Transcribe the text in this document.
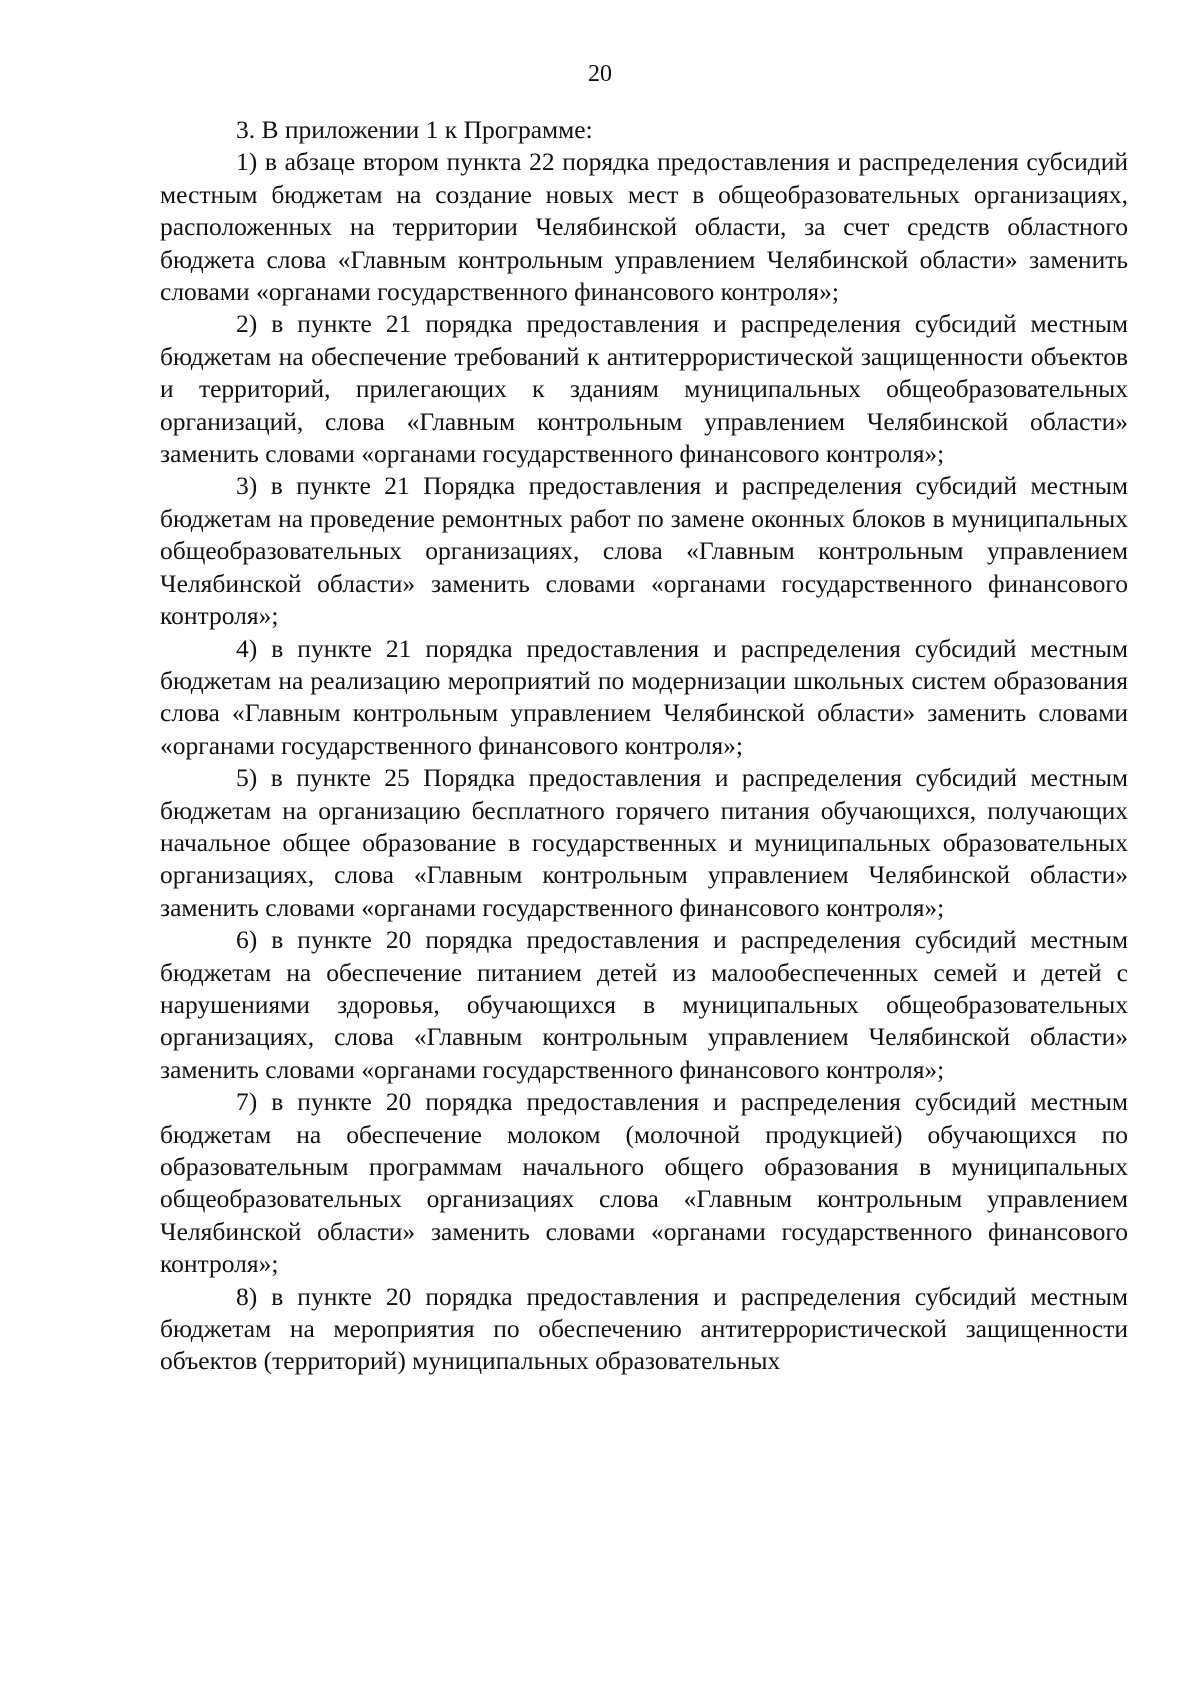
20

3. В приложении 1 к Программе:

1) в абзаце втором пункта 22 порядка предоставления и распределения субсидий местным бюджетам на создание новых мест в общеобразовательных организациях, расположенных на территории Челябинской области, за счет средств областного бюджета слова «Главным контрольным управлением Челябинской области» заменить словами «органами государственного финансового контроля»;

2) в пункте 21 порядка предоставления и распределения субсидий местным бюджетам на обеспечение требований к антитеррористической защищенности объектов и территорий, прилегающих к зданиям муниципальных общеобразовательных организаций, слова «Главным контрольным управлением Челябинской области» заменить словами «органами государственного финансового контроля»;

3) в пункте 21 Порядка предоставления и распределения субсидий местным бюджетам на проведение ремонтных работ по замене оконных блоков в муниципальных общеобразовательных организациях, слова «Главным контрольным управлением Челябинской области» заменить словами «органами государственного финансового контроля»;

4) в пункте 21 порядка предоставления и распределения субсидий местным бюджетам на реализацию мероприятий по модернизации школьных систем образования слова «Главным контрольным управлением Челябинской области» заменить словами «органами государственного финансового контроля»;

5) в пункте 25 Порядка предоставления и распределения субсидий местным бюджетам на организацию бесплатного горячего питания обучающихся, получающих начальное общее образование в государственных и муниципальных образовательных организациях, слова «Главным контрольным управлением Челябинской области» заменить словами «органами государственного финансового контроля»;

6) в пункте 20 порядка предоставления и распределения субсидий местным бюджетам на обеспечение питанием детей из малообеспеченных семей и детей с нарушениями здоровья, обучающихся в муниципальных общеобразовательных организациях, слова «Главным контрольным управлением Челябинской области» заменить словами «органами государственного финансового контроля»;

7) в пункте 20 порядка предоставления и распределения субсидий местным бюджетам на обеспечение молоком (молочной продукцией) обучающихся по образовательным программам начального общего образования в муниципальных общеобразовательных организациях слова «Главным контрольным управлением Челябинской области» заменить словами «органами государственного финансового контроля»;

8) в пункте 20 порядка предоставления и распределения субсидий местным бюджетам на мероприятия по обеспечению антитеррористической защищенности объектов (территорий) муниципальных образовательных
